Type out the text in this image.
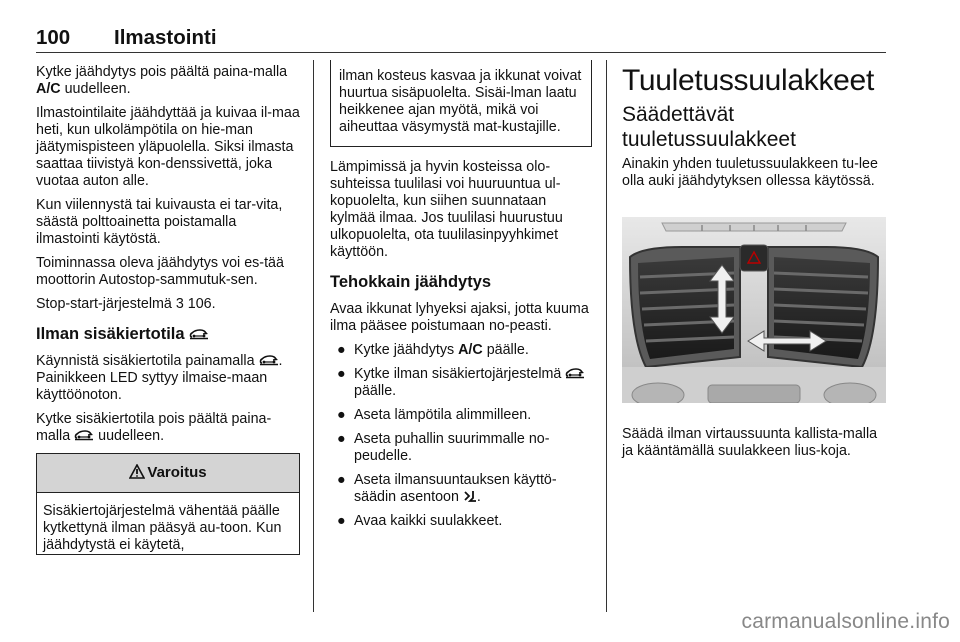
100 Ilmastointi

Kytke jäähdytys pois päältä paina-malla A/C uudelleen.

Ilmastointilaite jäähdyttää ja kuivaa il-maa heti, kun ulkolämpötila on hie-man jäätymispisteen yläpuolella. Siksi ilmasta saattaa tiivistyä kon-denssivettä, joka vuotaa auton alle.

Kun viilennystä tai kuivausta ei tar-vita, säästä polttoainetta poistamalla ilmastointi käytöstä.

Toiminnassa oleva jäähdytys voi es-tää moottorin Autostop-sammutuk-sen.

Stop-start-järjestelmä 3 106.

Ilman sisäkiertotila

Käynnistä sisäkiertotila painamalla . Painikkeen LED syttyy ilmaise-maan käyttöönoton.

Kytke sisäkiertotila pois päältä paina-malla  uudelleen.

Varoitus
Sisäkiertojärjestelmä vähentää päälle kytkettynä ilman pääsyä au-toon. Kun jäähdytystä ei käytetä,
ilman kosteus kasvaa ja ikkunat voivat huurtua sisäpuolelta. Sisäi-lman laatu heikkenee ajan myötä, mikä voi aiheuttaa väsymystä mat-kustajille.

Lämpimissä ja hyvin kosteissa olo-suhteissa tuulilasi voi huuruuntua ul-kopuolelta, kun siihen suunnataan kylmää ilmaa. Jos tuulilasi huurustuu ulkopuolelta, ota tuulilasinpyyhkimet käyttöön.

Tehokkain jäähdytys

Avaa ikkunat lyhyeksi ajaksi, jotta kuuma ilma pääsee poistumaan no-peasti.

● Kytke jäähdytys A/C päälle.
● Kytke ilman sisäkiertojärjestelmä  päälle.
● Aseta lämpötila alimmilleen.
● Aseta puhallin suurimmalle no-peudelle.
● Aseta ilmansuuntauksen käyttö-säädin asentoon .
● Avaa kaikki suulakkeet.
Tuuletussuulakkeet
Säädettävät tuuletussuulakkeet

Ainakin yhden tuuletussuulakkeen tu-lee olla auki jäähdytyksen ollessa käytössä.

Säädä ilman virtaussuunta kallista-malla ja kääntämällä suulakkeen lius-koja.

carmanualsonline.info
